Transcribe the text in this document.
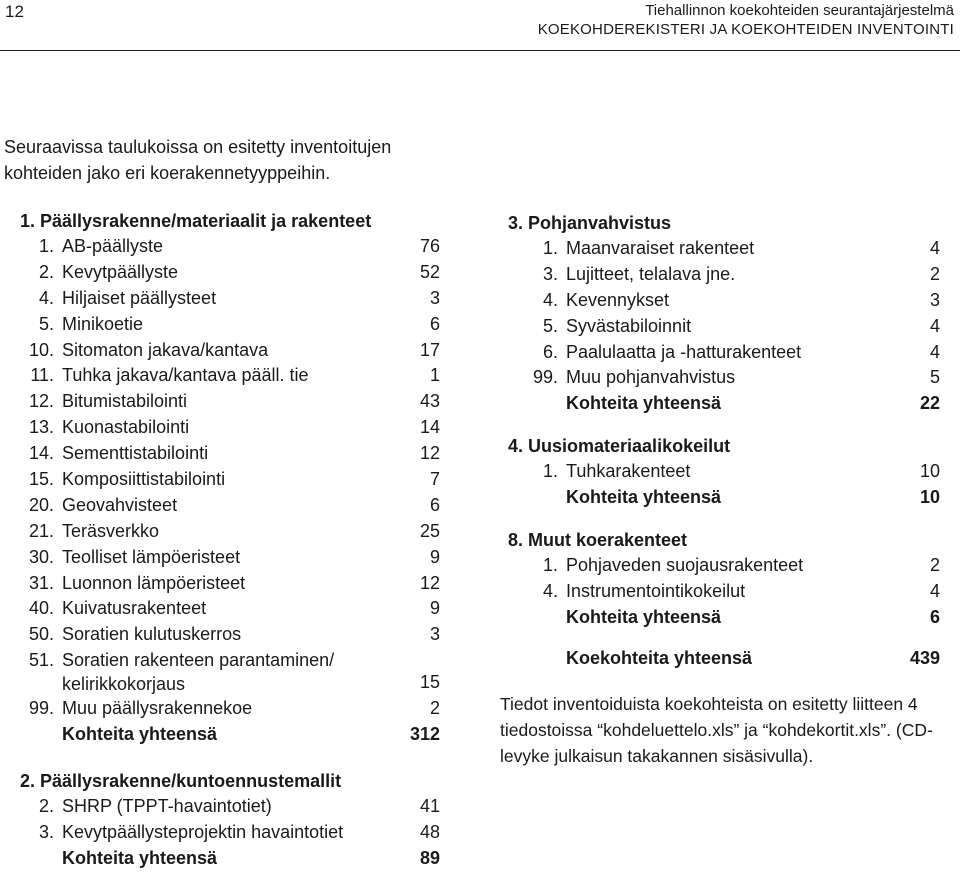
12	Tiehallinnon koekohteiden seurantajärjestelmä
KOEKOHDEREKISTERI JA KOEKOHTEIDEN INVENTOINTI
Seuraavissa taulukoissa on esitetty inventoitujen kohteiden jako eri koerakennetyyppeihin.
1. Päällysrakenne/materiaalit ja rakenteet
1. AB-päällyste	76
2. Kevytpäällyste	52
4. Hiljaiset päällysteet	3
5. Minikoetie	6
10. Sitomaton jakava/kantava	17
11. Tuhka jakava/kantava pääll. tie	1
12. Bitumistabilointi	43
13. Kuonastabilointi	14
14. Sementtistabilointi	12
15. Komposiittistabilointi	7
20. Geovahvisteet	6
21. Teräsverkko	25
30. Teolliset lämpöeristeet	9
31. Luonnon lämpöeristeet	12
40. Kuivatusrakenteet	9
50. Soratien kulutuskerros	3
51. Soratien rakenteen parantaminen/ kelirikkokorjaus	15
99. Muu päällysrakennekoe	2
Kohteita yhteensä	312
2. Päällysrakenne/kuntoennustemallit
2. SHRP (TPPT-havaintotiet)	41
3. Kevytpäällysteprojektin havaintotiet	48
Kohteita yhteensä	89
3. Pohjanvahvistus
1. Maanvaraiset rakenteet	4
3. Lujitteet, telalava jne.	2
4. Kevennykset	3
5. Syvästabiloinnit	4
6. Paalulaatta ja -hatturakenteet	4
99. Muu pohjanvahvistus	5
Kohteita yhteensä	22
4. Uusiomateriaalikokeilut
1. Tuhkarakenteet	10
Kohteita yhteensä	10
8. Muut koerakenteet
1. Pohjaveden suojausrakenteet	2
4. Instrumentointikokeilut	4
Kohteita yhteensä	6
Koekohteita yhteensä	439
Tiedot inventoiduista koekohteista on esitetty liitteen 4 tiedostoissa “kohdeluettelo.xls” ja “kohdekortit.xls”. (CD-levyke julkaisun takakannen sisäsivulla).
